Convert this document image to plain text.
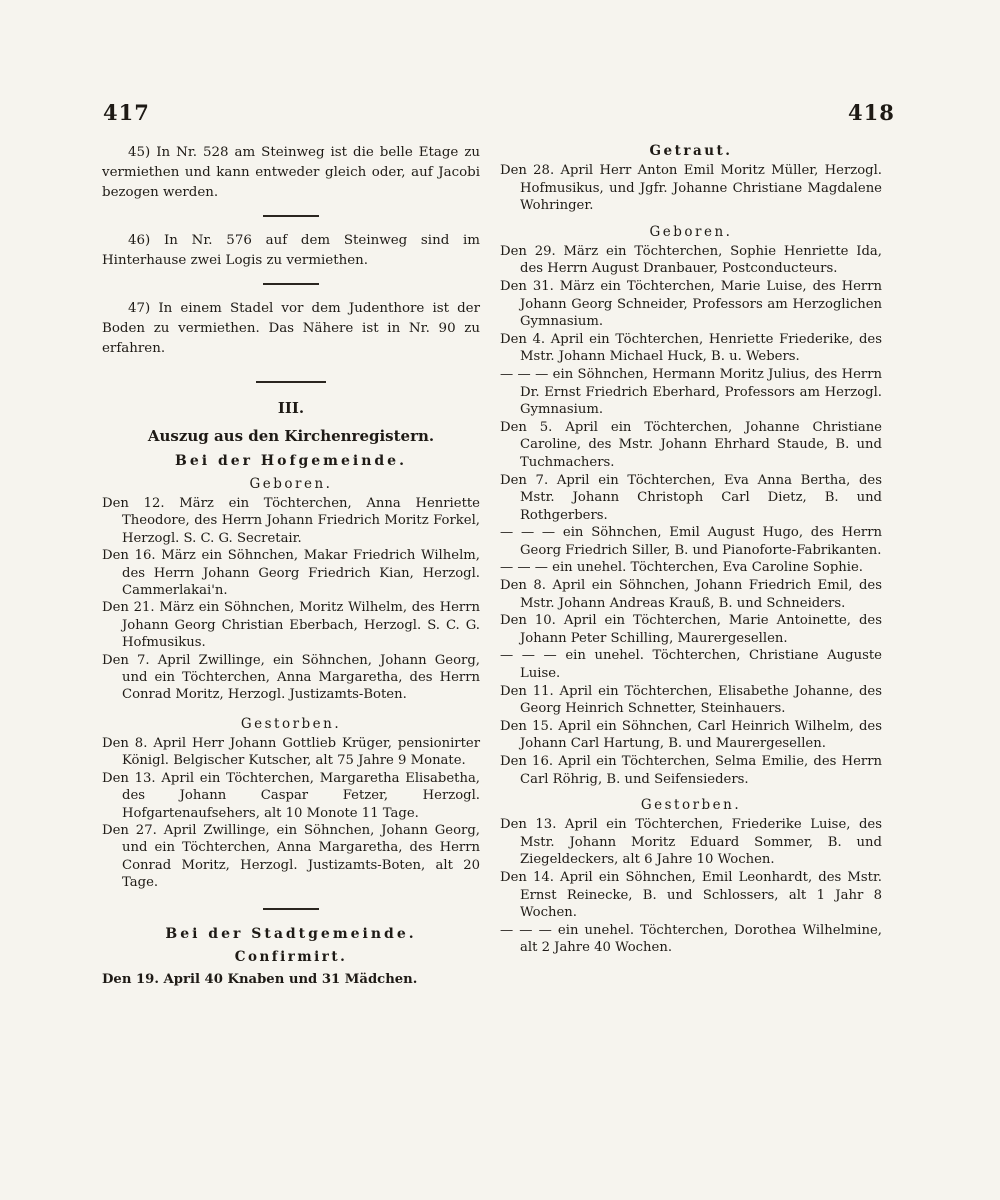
417	418

45) In Nr. 528 am Steinweg ist die belle Etage zu vermiethen und kann entweder gleich oder, auf Jacobi bezogen werden.

46) In Nr. 576 auf dem Steinweg sind im Hinterhause zwei Logis zu vermiethen.

47) In einem Stadel vor dem Judenthore ist der Boden zu vermiethen. Das Nähere ist in Nr. 90 zu erfahren.

III.

Auszug aus den Kirchenregistern.

Bei der Hofgemeinde.

Geboren.

Den 12. März ein Töchterchen, Anna Henriette Theodore, des Herrn Johann Friedrich Moritz Forkel, Herzogl. S. C. G. Secretair.

Den 16. März ein Söhnchen, Makar Friedrich Wilhelm, des Herrn Johann Georg Friedrich Kian, Herzogl. Cammerlakai'n.

Den 21. März ein Söhnchen, Moritz Wilhelm, des Herrn Johann Georg Christian Eberbach, Herzogl. S. C. G. Hofmusikus.

Den 7. April Zwillinge, ein Söhnchen, Johann Georg, und ein Töchterchen, Anna Margaretha, des Herrn Conrad Moritz, Herzogl. Justizamts-Boten.

Gestorben.

Den 8. April Herr Johann Gottlieb Krüger, pensionirter Königl. Belgischer Kutscher, alt 75 Jahre 9 Monate.

Den 13. April ein Töchterchen, Margaretha Elisabetha, des Johann Caspar Fetzer, Herzogl. Hofgartenaufsehers, alt 10 Monote 11 Tage.

Den 27. April Zwillinge, ein Söhnchen, Johann Georg, und ein Töchterchen, Anna Margaretha, des Herrn Conrad Moritz, Herzogl. Justizamts-Boten, alt 20 Tage.

Bei der Stadtgemeinde.

Confirmirt.

Den 19. April 40 Knaben und 31 Mädchen.

Getraut.

Den 28. April Herr Anton Emil Moritz Müller, Herzogl. Hofmusikus, und Jgfr. Johanne Christiane Magdalene Wohringer.

Geboren.

Den 29. März ein Töchterchen, Sophie Henriette Ida, des Herrn August Dranbauer, Postconducteurs.

Den 31. März ein Töchterchen, Marie Luise, des Herrn Johann Georg Schneider, Professors am Herzoglichen Gymnasium.

Den 4. April ein Töchterchen, Henriette Friederike, des Mstr. Johann Michael Huck, B. u. Webers.

— — — ein Söhnchen, Hermann Moritz Julius, des Herrn Dr. Ernst Friedrich Eberhard, Professors am Herzogl. Gymnasium.

Den 5. April ein Töchterchen, Johanne Christiane Caroline, des Mstr. Johann Ehrhard Staude, B. und Tuchmachers.

Den 7. April ein Töchterchen, Eva Anna Bertha, des Mstr. Johann Christoph Carl Dietz, B. und Rothgerbers.

— — — ein Söhnchen, Emil August Hugo, des Herrn Georg Friedrich Siller, B. und Pianoforte-Fabrikanten.

— — — ein unehel. Töchterchen, Eva Caroline Sophie.

Den 8. April ein Söhnchen, Johann Friedrich Emil, des Mstr. Johann Andreas Krauß, B. und Schneiders.

Den 10. April ein Töchterchen, Marie Antoinette, des Johann Peter Schilling, Maurergesellen.

— — — ein unehel. Töchterchen, Christiane Auguste Luise.

Den 11. April ein Töchterchen, Elisabethe Johanne, des Georg Heinrich Schnetter, Steinhauers.

Den 15. April ein Söhnchen, Carl Heinrich Wilhelm, des Johann Carl Hartung, B. und Maurergesellen.

Den 16. April ein Töchterchen, Selma Emilie, des Herrn Carl Röhrig, B. und Seifensieders.

Gestorben.

Den 13. April ein Töchterchen, Friederike Luise, des Mstr. Johann Moritz Eduard Sommer, B. und Ziegeldeckers, alt 6 Jahre 10 Wochen.

Den 14. April ein Söhnchen, Emil Leonhardt, des Mstr. Ernst Reinecke, B. und Schlossers, alt 1 Jahr 8 Wochen.

— — — ein unehel. Töchterchen, Dorothea Wilhelmine, alt 2 Jahre 40 Wochen.
